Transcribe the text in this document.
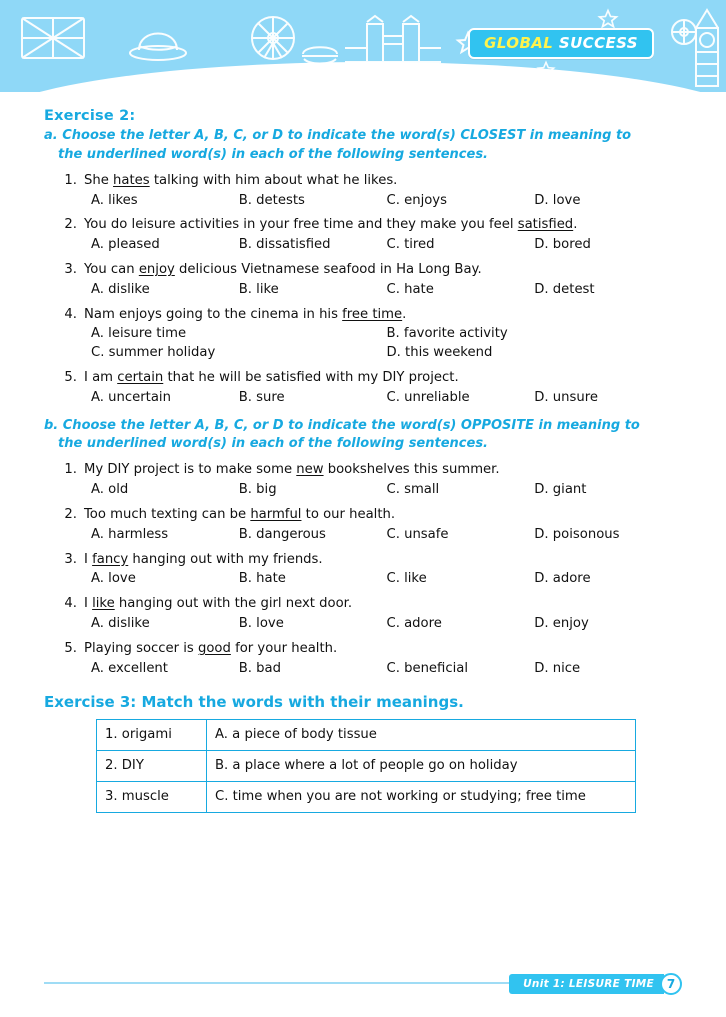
GLOBAL SUCCESS
Exercise 2:
a. Choose the letter A, B, C, or D to indicate the word(s) CLOSEST in meaning to
the underlined word(s) in each of the following sentences.
1. She hates talking with him about what he likes.
A. likes	B. detests	C. enjoys	D. love
2. You do leisure activities in your free time and they make you feel satisfied.
A. pleased	B. dissatisfied	C. tired	D. bored
3. You can enjoy delicious Vietnamese seafood in Ha Long Bay.
A. dislike	B. like	C. hate	D. detest
4. Nam enjoys going to the cinema in his free time.
A. leisure time	B. favorite activity
C. summer holiday	D. this weekend
5. I am certain that he will be satisfied with my DIY project.
A. uncertain	B. sure	C. unreliable	D. unsure
b. Choose the letter A, B, C, or D to indicate the word(s) OPPOSITE in meaning to
the underlined word(s) in each of the following sentences.
1. My DIY project is to make some new bookshelves this summer.
A. old	B. big	C. small	D. giant
2. Too much texting can be harmful to our health.
A. harmless	B. dangerous	C. unsafe	D. poisonous
3. I fancy hanging out with my friends.
A. love	B. hate	C. like	D. adore
4. I like hanging out with the girl next door.
A. dislike	B. love	C. adore	D. enjoy
5. Playing soccer is good for your health.
A. excellent	B. bad	C. beneficial	D. nice
Exercise 3: Match the words with their meanings.
1. origami	A. a piece of body tissue
2. DIY	B. a place where a lot of people go on holiday
3. muscle	C. time when you are not working or studying; free time
Unit 1: LEISURE TIME	7
